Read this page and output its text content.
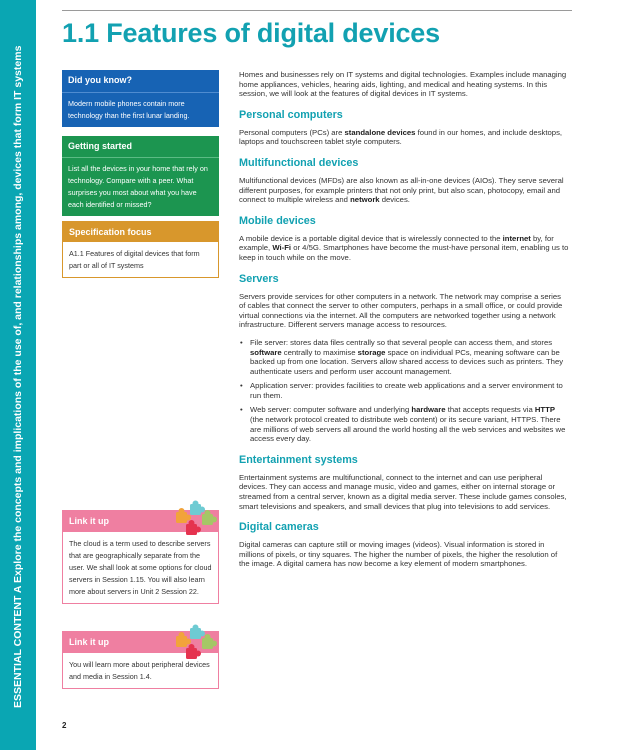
ESSENTIAL CONTENT A Explore the concepts and implications of the use of, and relationships among, devices that form IT systems
1.1 Features of digital devices
Did you know?
Modern mobile phones contain more technology than the first lunar landing.
Getting started
List all the devices in your home that rely on technology. Compare with a peer. What surprises you most about what you have each identified or missed?
Specification focus
A1.1 Features of digital devices that form part or all of IT systems
Link it up
The cloud is a term used to describe servers that are geographically separate from the user. We shall look at some options for cloud servers in Session 1.15. You will also learn more about servers in Unit 2 Session 22.
Link it up
You will learn more about peripheral devices and media in Session 1.4.

Homes and businesses rely on IT systems and digital technologies. Examples include managing home appliances, vehicles, hearing aids, lighting, and medical and heating systems. In this session, we will look at the features of digital devices in IT systems.

Personal computers

Personal computers (PCs) are standalone devices found in our homes, and include desktops, laptops and touchscreen tablet style computers.

Multifunctional devices

Multifunctional devices (MFDs) are also known as all-in-one devices (AIOs). They serve several different purposes, for example printers that not only print, but also scan, photocopy, email and connect to multiple wireless and network devices.

Mobile devices

A mobile device is a portable digital device that is wirelessly connected to the internet by, for example, Wi-Fi or 4/5G. Smartphones have become the must-have personal item, enabling us to keep in touch while on the move.

Servers

Servers provide services for other computers in a network. The network may comprise a series of cables that connect the server to other computers, perhaps in a small office, or could provide virtual connections via the internet. All the computers are networked together using a network infrastructure. Different servers manage access to resources.

• File server: stores data files centrally so that several people can access them, and stores software centrally to maximise storage space on individual PCs, meaning software can be backed up from one location. Servers allow shared access to devices such as printers. They authenticate users and perform user account management.
• Application server: provides facilities to create web applications and a server environment to run them.
• Web server: computer software and underlying hardware that accepts requests via HTTP (the network protocol created to distribute web content) or its secure variant, HTTPS. There are millions of web servers all around the world hosting all the web services and websites we access every day.
Entertainment systems

Entertainment systems are multifunctional, connect to the internet and can use peripheral devices. They can access and manage music, video and games, either on internal storage or streamed from a central server, known as a digital media server. These include games consoles, smart televisions and speakers, and small devices that plug into televisions to add services.

Digital cameras

Digital cameras can capture still or moving images (videos). Visual information is stored in millions of pixels, or tiny squares. The higher the number of pixels, the higher the resolution of the image. A digital camera has now become a key element of modern smartphones.

2
